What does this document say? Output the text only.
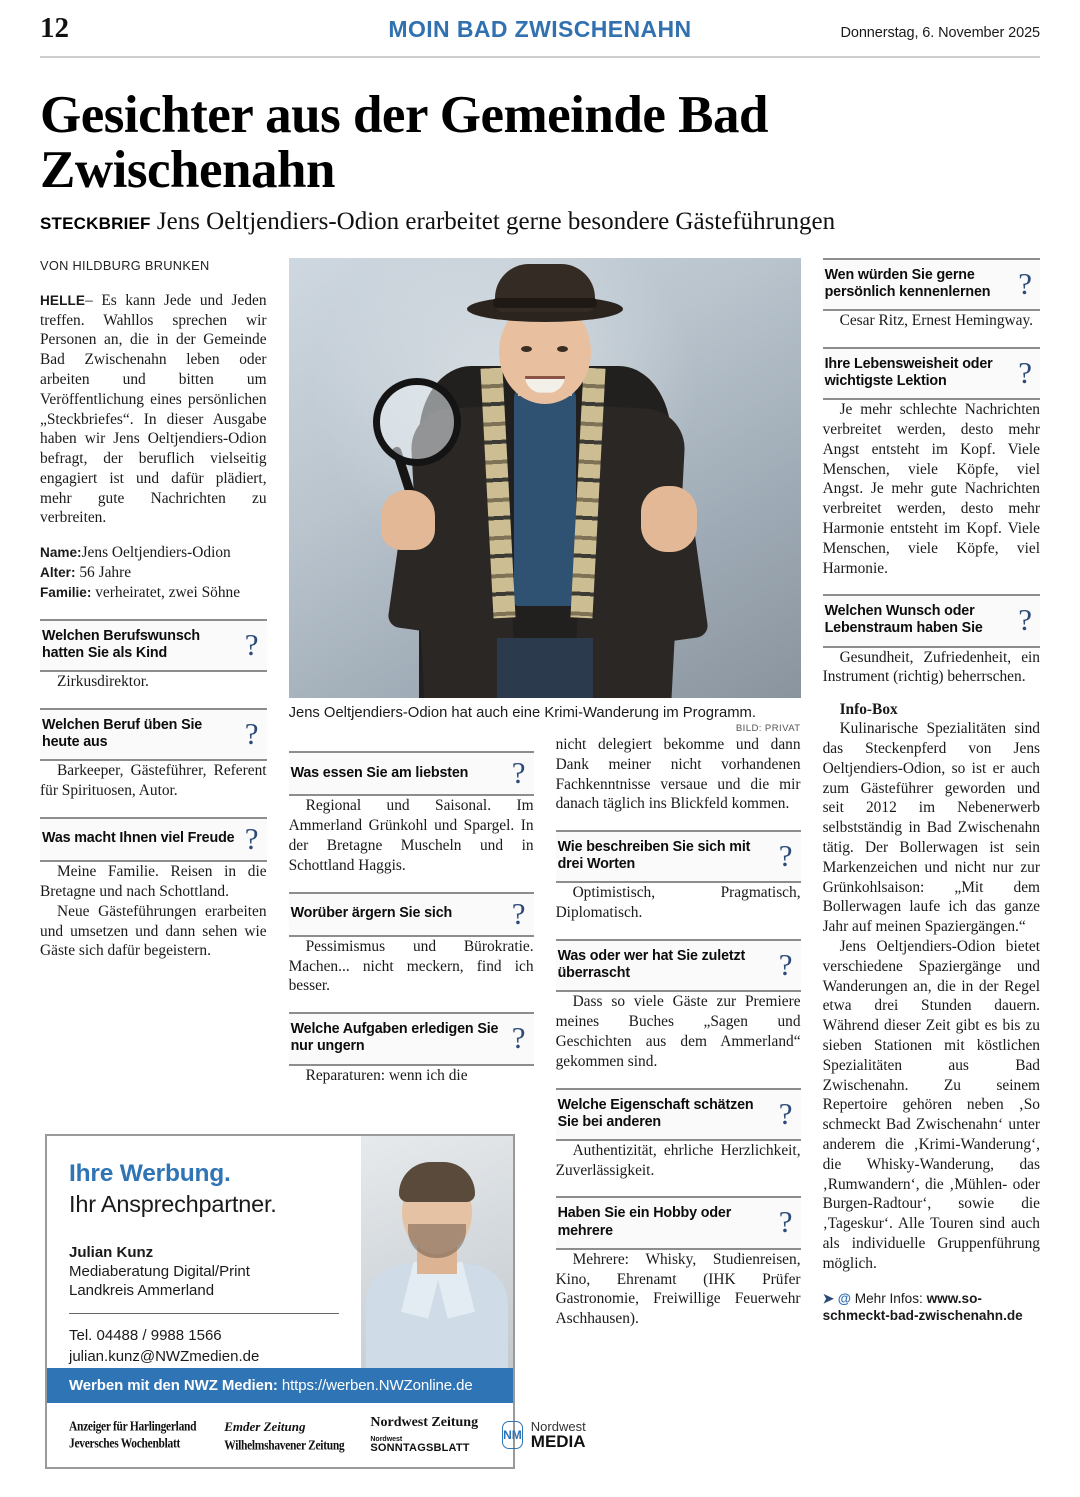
12	MOIN BAD ZWISCHENAHN	Donnerstag, 6. November 2025
Gesichter aus der Gemeinde Bad Zwischenahn
STECKBRIEF Jens Oeltjendiers-Odion erarbeitet gerne besondere Gästeführungen
VON HILDBURG BRUNKEN

HELLE– Es kann Jede und Jeden treffen. Wahllos sprechen wir Personen an, die in der Gemeinde Bad Zwischenahn leben oder arbeiten und bitten um Veröffentlichung eines persönlichen „Steckbriefes“. In dieser Ausgabe haben wir Jens Oeltjendiers-Odion befragt, der beruflich vielseitig engagiert ist und dafür plädiert, mehr gute Nachrichten zu verbreiten.

Name:Jens Oeltjendiers-Odion
Alter: 56 Jahre
Familie: verheiratet, zwei Söhne
Welchen Berufswunsch hatten Sie als Kind	?

Zirkusdirektor.

Welchen Beruf üben Sie heute aus	?

Barkeeper, Gästeführer, Referent für Spirituosen, Autor.

Was macht Ihnen viel Freude ?

Meine Familie. Reisen in die Bretagne und nach Schottland.

Neue Gästeführungen erarbeiten und umsetzen und dann sehen wie Gäste sich dafür begeistern.

Jens Oeltjendiers-Odion hat auch eine Krimi-Wanderung im Programm.
BILD: PRIVAT
Was essen Sie am liebsten	?

Regional und Saisonal. Im Ammerland Grünkohl und Spargel. In der Bretagne Muscheln und in Schottland Haggis.

Worüber ärgern Sie sich	?

Pessimismus und Bürokratie. Machen... nicht meckern, find ich besser.

Welche Aufgaben erledigen Sie nur ungern	?

Reparaturen: wenn ich die

nicht delegiert bekomme und dann Dank meiner nicht vorhandenen Fachkenntnisse versaue und die mir danach täglich ins Blickfeld kommen.

Wie beschreiben Sie sich mit drei Worten	?

Optimistisch, Pragmatisch, Diplomatisch.

Was oder wer hat Sie zuletzt überrascht	?

Dass so viele Gäste zur Premiere meines Buches „Sagen und Geschichten aus dem Ammerland“ gekommen sind.

Welche Eigenschaft schätzen Sie bei anderen	?

Authentizität, ehrliche Herzlichkeit, Zuverlässigkeit.

Haben Sie ein Hobby oder mehrere	?

Mehrere: Whisky, Studienreisen, Kino, Ehrenamt (IHK Prüfer Gastronomie, Freiwillige Feuerwehr Aschhausen).

Wen würden Sie gerne persönlich kennenlernen ?

Cesar Ritz, Ernest Hemingway.

Ihre Lebensweisheit oder wichtigste Lektion	?

Je mehr schlechte Nachrichten verbreitet werden, desto mehr Angst entsteht im Kopf. Viele Menschen, viele Köpfe, viel Angst. Je mehr gute Nachrichten verbreitet werden, desto mehr Harmonie entsteht im Kopf. Viele Menschen, viele Köpfe, viel Harmonie.

Welchen Wunsch oder Lebenstraum haben Sie	?

Gesundheit, Zufriedenheit, ein Instrument (richtig) beherrschen.

Info-Box

Kulinarische Spezialitäten sind das Steckenpferd von Jens Oeltjendiers-Odion, so ist er auch zum Gästeführer geworden und seit 2012 im Nebenerwerb selbstständig in Bad Zwischenahn tätig. Der Bollerwagen ist sein Markenzeichen und nicht nur zur Grünkohlsaison: „Mit dem Bollerwagen laufe ich das ganze Jahr auf meinen Spaziergängen.“

Jens Oeltjendiers-Odion bietet verschiedene Spaziergänge und Wanderungen an, die in der Regel etwa drei Stunden dauern. Während dieser Zeit gibt es bis zu sieben Stationen mit köstlichen Spezialitäten aus Bad Zwischenahn. Zu seinem Repertoire gehören neben ‚So schmeckt Bad Zwischenahn‘ unter anderem die ‚Krimi-Wanderung‘, die Whisky-Wanderung, das ‚Rumwandern‘, die ‚Mühlen- oder Burgen-Radtour‘, sowie die ‚Tageskur‘. Alle Touren sind auch als individuelle Gruppenführung möglich.

➤ @ Mehr Infos: www.so-schmeckt-bad-zwischenahn.de
Ihre Werbung.
Ihr Ansprechpartner.
Julian Kunz
Mediaberatung Digital/Print
Landkreis Ammerland
Tel. 04488 / 9988 1566
julian.kunz@NWZmedien.de
Werben mit den NWZ Medien: https://werben.NWZonline.de
Anzeiger für Harlingerland
Jeversches Wochenblatt
Emder Zeitung
Wilhelmshavener Zeitung
Nordwest Zeitung
Nordwest
SONNTAGSBLATT
NM
Nordwest
MEDIA
